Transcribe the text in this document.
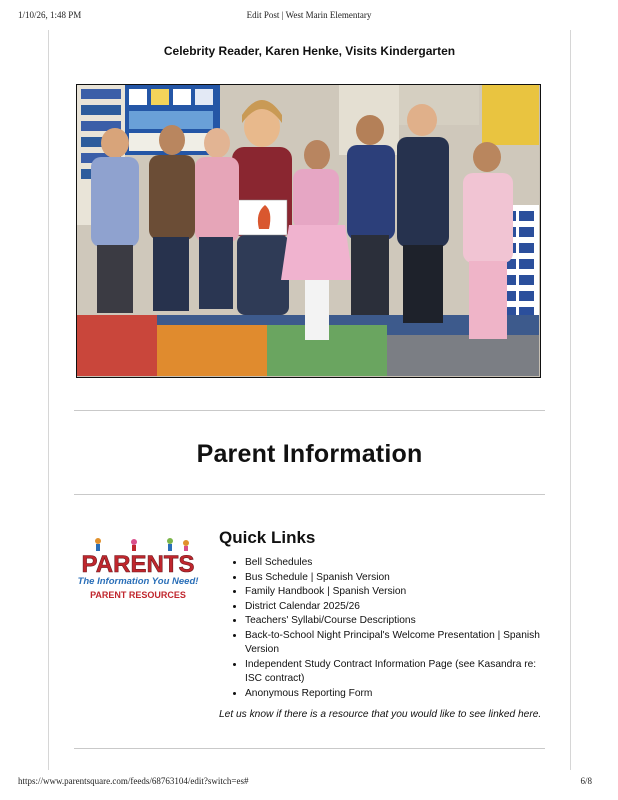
1/10/26, 1:48 PM	Edit Post | West Marin Elementary
Celebrity Reader, Karen Henke, Visits Kindergarten
Parent Information
PARENTS
The Information You Need!
PARENT RESOURCES
Quick Links
• Bell Schedules
• Bus Schedule | Spanish Version
• Family Handbook | Spanish Version
• District Calendar 2025/26
• Teachers' Syllabi/Course Descriptions
• Back-to-School Night Principal's Welcome Presentation | Spanish Version
• Independent Study Contract Information Page (see Kasandra re: ISC contract)
• Anonymous Reporting Form
Let us know if there is a resource that you would like to see linked here.
https://www.parentsquare.com/feeds/68763104/edit?switch=es#	6/8
